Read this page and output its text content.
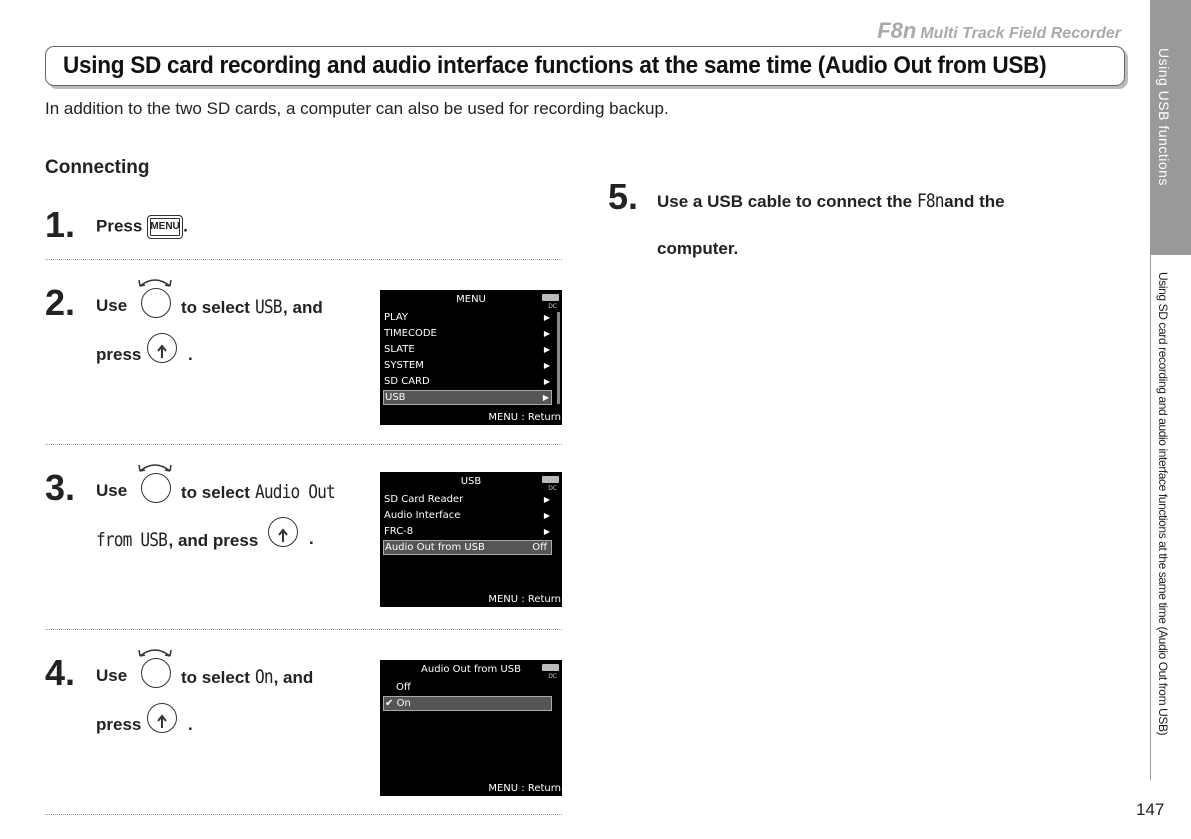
F8n Multi Track Field Recorder
Using SD card recording and audio interface functions at the same time (Audio Out from USB)
In addition to the two SD cards, a computer can also be used for recording backup.
Connecting
1. Press MENU .
2. Use	to select USB, and
press	.
MENU
DC
PLAY	▶
TIMECODE	▶
SLATE	▶
SYSTEM	▶
SD CARD	▶
USB	▶
MENU : Return
3. Use	to select Audio Out
from USB, and press	.
USB
DC
SD Card Reader	▶
Audio Interface	▶
FRC-8	▶
Audio Out from USB	Off
MENU : Return
4. Use	to select On, and
press	.
Audio Out from USB
DC
Off
✔ On
MENU : Return
5. Use a USB cable to connect the F8nand the
computer.
Using USB functions
Using SD card recording and audio interface functions at the same time (Audio Out from USB)
147
